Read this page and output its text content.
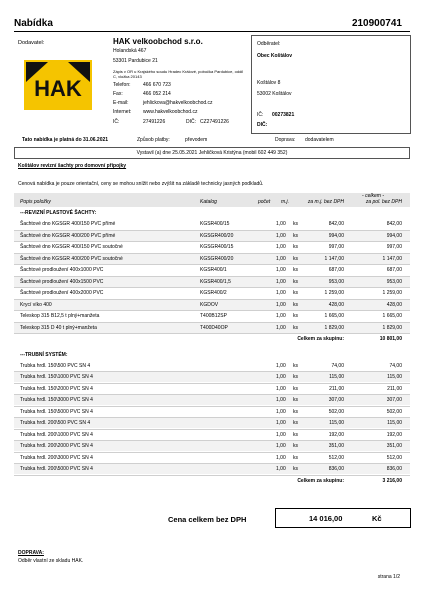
Nabídka	210900741
Dodavatel:	HAK velkoobchod s.r.o.
Holandská 467
53301 Pardubice 21
Zápis v OR u Krajského soudu Hradec Králové, pobočka Pardubice, oddíl C, vložka 20143
HAK	Telefon: 466 670 723
Fax:	466 052 214
E-mail:	jehlickova@hakvelkoobchod.cz
Internet: www.hakvelkoobchod.cz
IČ:	27491226	DIČ: CZ27491226
Odběratel:
Obec Koštálov
Koštálov 8
53002 Koštálov
IČ: 00273821
DIČ:
Tato nabídka je platná do 31.06.2021	Způsob platby:	převodem	Doprava: dodavatelem
Vystavil (a) dne 25.05.2021 Jehličková Kristýna (mobil 602 449 352)
Koštálov revizní šachty pro domovní přípojky
Cenová nabídka je pouze orientační, ceny se mohou snížit nebo zvýšit na základě technicky jasných podkladů.
- celkem -
Popis položky	Katalog	počet m.j.	za m.j. bez DPH	za pol. bez DPH
---REVIZNÍ PLASTOVÉ ŠACHTY:
Šachtové dno KGSGR 400/150 PVC přímé	KGSR400/15	1,00 ks	842,00	842,00
Šachtové dno KGSGR 400/200 PVC přímé	KGSGR400/20	1,00 ks	994,00	994,00
Šachtové dno KGSGR 400/150 PVC soutočné	KGSGR400/15	1,00 ks	997,00	997,00
Šachtové dno KGSGR 400/200 PVC soutočné	KGSGR400/20	1,00 ks	1 147,00	1 147,00
Šachtové prodloužení 400x1000 PVC	KGSR400/1	1,00 ks	687,00	687,00
Šachtové prodloužení 400x1500 PVC	KGSR400/1,5	1,00 ks	953,00	953,00
Šachtové prodloužení 400x2000 PVC	KGSR400/2	1,00 ks	1 259,00	1 259,00
Krycí víko 400	KGDOV	1,00 ks	428,00	428,00
Teleskop 315 B12,5 t plný+manžeta	T400B12SP	1,00 ks	1 665,00	1 665,00
Teleskop 315 D 40 t plný+manžeta	T400D40OP	1,00 ks	1 829,00	1 829,00
Celkem za skupinu:	10 801,00
---TRUBNÍ SYSTÉM:
Trubka hrdl. 150\500 PVC SN 4	1,00 ks	74,00	74,00
Trubka hrdl. 150\1000 PVC SN 4	1,00 ks	115,00	115,00
Trubka hrdl. 150\2000 PVC SN 4	1,00 ks	211,00	211,00
Trubka hrdl. 150\3000 PVC SN 4	1,00 ks	307,00	307,00
Trubka hrdl. 150\5000 PVC SN 4	1,00 ks	502,00	502,00
Trubka hrdl. 200\500 PVC SN 4	1,00 ks	115,00	115,00
Trubka hrdl. 200\1000 PVC SN 4	1,00 ks	192,00	192,00
Trubka hrdl. 200\2000 PVC SN 4	1,00 ks	351,00	351,00
Trubka hrdl. 200\3000 PVC SN 4	1,00 ks	512,00	512,00
Trubka hrdl. 200\5000 PVC SN 4	1,00 ks	836,00	836,00
Celkem za skupinu:	3 216,00
Cena celkem bez DPH	14 016,00	Kč
DOPRAVA:
Odběr vlastní ze skladu HAK.
strana 1/2
